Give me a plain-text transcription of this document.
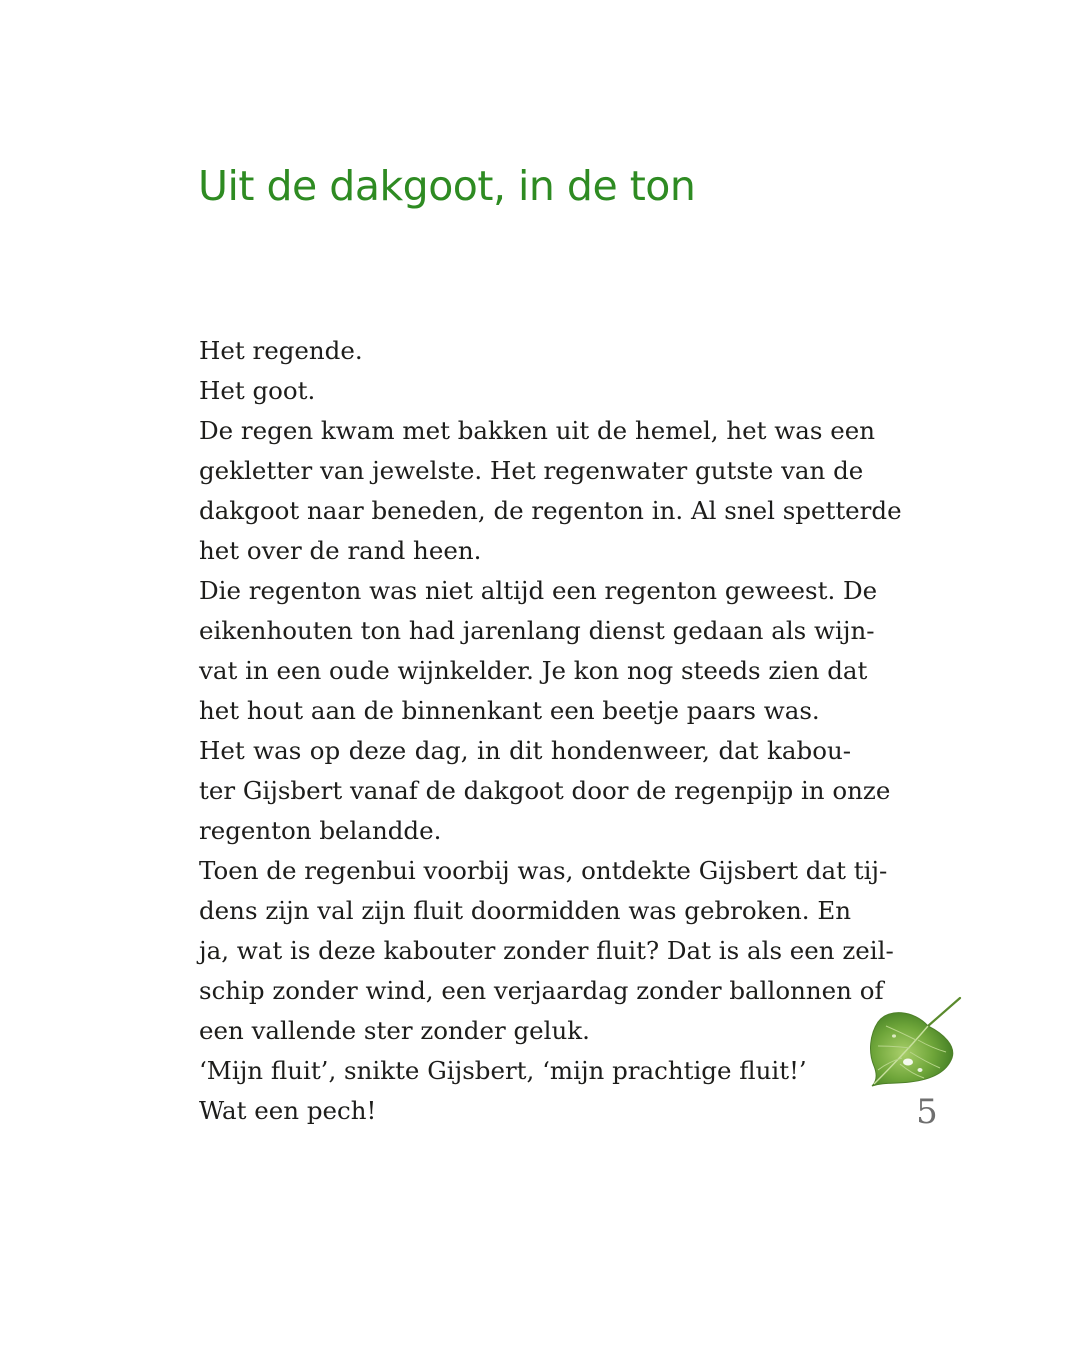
Uit de dakgoot, in de ton
Het regende.
Het goot.
De regen kwam met bakken uit de hemel, het was een
gekletter van jewelste. Het regenwater gutste van de
dakgoot naar beneden, de regenton in. Al snel spetterde
het over de rand heen.
Die regenton was niet altijd een regenton geweest. De
eikenhouten ton had jarenlang dienst gedaan als wijn-
vat in een oude wijnkelder. Je kon nog steeds zien dat
het hout aan de binnenkant een beetje paars was.
Het was op deze dag, in dit hondenweer, dat kabou-
ter Gijsbert vanaf de dakgoot door de regenpijp in onze
regenton belandde.
Toen de regenbui voorbij was, ontdekte Gijsbert dat tij-
dens zijn val zijn fluit doormidden was gebroken. En
ja, wat is deze kabouter zonder fluit? Dat is als een zeil-
schip zonder wind, een verjaardag zonder ballonnen of
een vallende ster zonder geluk.
‘Mijn fluit’, snikte Gijsbert, ‘mijn prachtige fluit!’
Wat een pech!	5
